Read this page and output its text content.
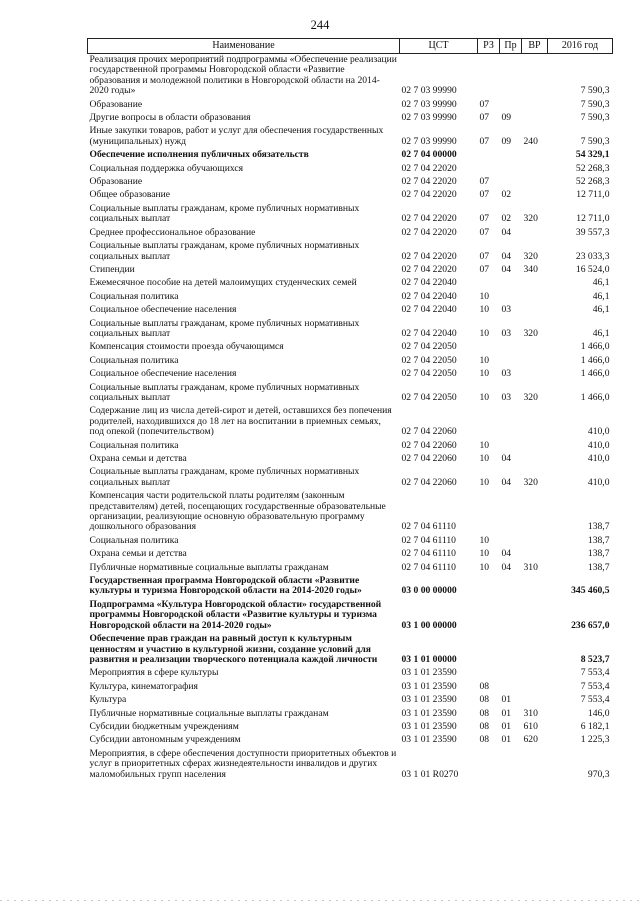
244
Наименование	ЦСТ	РЗ	Пр	ВР	2016 год
Реализация прочих мероприятий подпрограммы «Обеспечение реализации государственной программы Новгородской области «Развитие образования и молодежной политики в Новгородской области на 2014-2020 годы»	02 7 03 99990				7 590,3
Образование	02 7 03 99990	07			7 590,3
Другие вопросы в области образования	02 7 03 99990	07	09		7 590,3
Иные закупки товаров, работ и услуг для обеспечения государственных (муниципальных) нужд	02 7 03 99990	07	09	240	7 590,3
Обеспечение исполнения публичных обязательств	02 7 04 00000				54 329,1
Социальная поддержка обучающихся	02 7 04 22020				52 268,3
Образование	02 7 04 22020	07			52 268,3
Общее образование	02 7 04 22020	07	02		12 711,0
Социальные выплаты гражданам, кроме публичных нормативных социальных выплат	02 7 04 22020	07	02	320	12 711,0
Среднее профессиональное образование	02 7 04 22020	07	04		39 557,3
Социальные выплаты гражданам, кроме публичных нормативных социальных выплат	02 7 04 22020	07	04	320	23 033,3
Стипендии	02 7 04 22020	07	04	340	16 524,0
Ежемесячное пособие на детей малоимущих студенческих семей	02 7 04 22040				46,1
Социальная политика	02 7 04 22040	10			46,1
Социальное обеспечение населения	02 7 04 22040	10	03		46,1
Социальные выплаты гражданам, кроме публичных нормативных социальных выплат	02 7 04 22040	10	03	320	46,1
Компенсация стоимости проезда обучающимся	02 7 04 22050				1 466,0
Социальная политика	02 7 04 22050	10			1 466,0
Социальное обеспечение населения	02 7 04 22050	10	03		1 466,0
Социальные выплаты гражданам, кроме публичных нормативных социальных выплат	02 7 04 22050	10	03	320	1 466,0
Содержание лиц из числа детей-сирот и детей, оставшихся без попечения родителей, находившихся до 18 лет на воспитании в приемных семьях, под опекой (попечительством)	02 7 04 22060				410,0
Социальная политика	02 7 04 22060	10			410,0
Охрана семьи и детства	02 7 04 22060	10	04		410,0
Социальные выплаты гражданам, кроме публичных нормативных социальных выплат	02 7 04 22060	10	04	320	410,0
Компенсация части родительской платы родителям (законным представителям) детей, посещающих государственные образовательные организации, реализующие основную образовательную программу дошкольного образования	02 7 04 61110				138,7
Социальная политика	02 7 04 61110	10			138,7
Охрана семьи и детства	02 7 04 61110	10	04		138,7
Публичные нормативные социальные выплаты гражданам	02 7 04 61110	10	04	310	138,7
Государственная программа Новгородской области «Развитие культуры и туризма Новгородской области на 2014-2020 годы»	03 0 00 00000				345 460,5
Подпрограмма «Культура Новгородской области» государственной программы Новгородской области «Развитие культуры и туризма Новгородской области на 2014-2020 годы»	03 1 00 00000				236 657,0
Обеспечение прав граждан на равный доступ к культурным ценностям и участию в культурной жизни, создание условий для развития и реализации творческого потенциала каждой личности	03 1 01 00000				8 523,7
Мероприятия в сфере культуры	03 1 01 23590				7 553,4
Культура, кинематография	03 1 01 23590	08			7 553,4
Культура	03 1 01 23590	08	01		7 553,4
Публичные нормативные социальные выплаты гражданам	03 1 01 23590	08	01	310	146,0
Субсидии бюджетным учреждениям	03 1 01 23590	08	01	610	6 182,1
Субсидии автономным учреждениям	03 1 01 23590	08	01	620	1 225,3
Мероприятия, в сфере обеспечения доступности приоритетных объектов и услуг в приоритетных сферах жизнедеятельности инвалидов и других маломобильных групп населения	03 1 01 R0270				970,3
